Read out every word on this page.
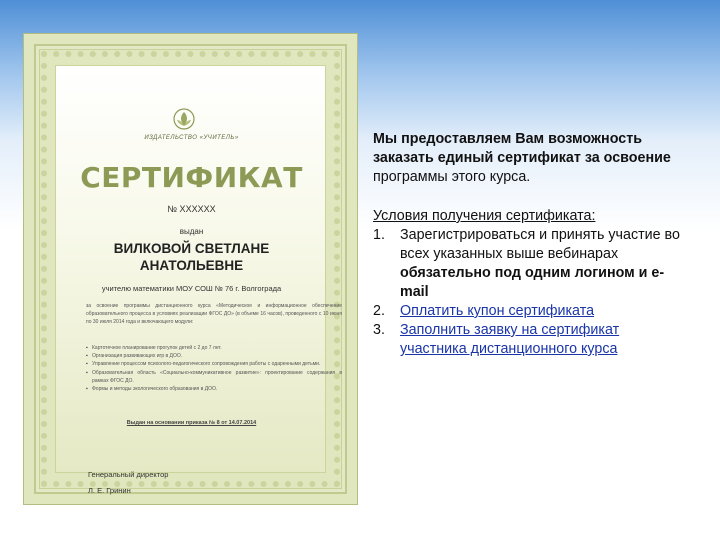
ИЗДАТЕЛЬСТВО «УЧИТЕЛЬ»
СЕРТИФИКАТ
№ XXXXXX
выдан
ВИЛКОВОЙ СВЕТЛАНЕ
АНАТОЛЬЕВНЕ
учителю математики МОУ СОШ № 76 г. Волгограда
за освоение программы дистанционного курса «Методическое и информационное обеспечение образовательного процесса в условиях реализации ФГОС ДО» (в объеме 16 часов), проведенного с 10 июня по 30 июля 2014 года и включающего модули:
▪ Картотечное планирование прогулок детей с 2 до 7 лет.
▪ Организация развивающих игр в ДОО.
▪ Управление процессом психолого-педагогического сопровождения работы с одаренными детьми.
▪ Образовательная область «Социально-коммуникативное развитие»: проектирование содержания в рамках ФГОС ДО.
▪ Формы и методы экологического образования в ДОО.
Выдан на основании приказа № 8 от 14.07.2014
Генеральный директор
Л. Е. Гринин

Мы предоставляем Вам возможность заказать единый сертификат за освоение программы этого курса.

Условия получения сертификата:
1. Зарегистрироваться и принять участие во всех указанных выше вебинарах обязательно под одним логином и e-mail
2. Оплатить купон сертификата
3. Заполнить заявку на сертификат участника дистанционного курса
